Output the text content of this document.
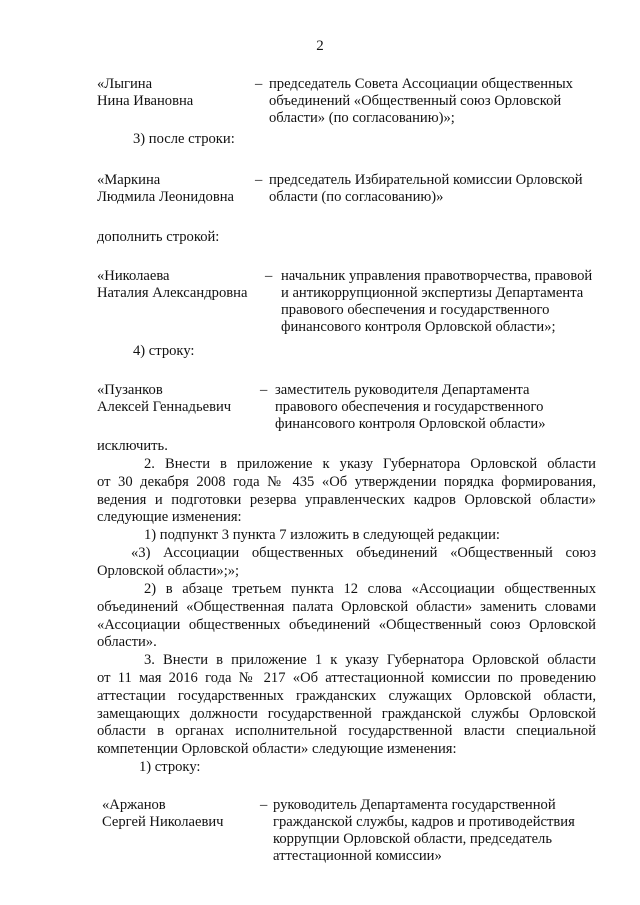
2
«Лыгина
Нина Ивановна
– председатель Совета Ассоциации общественных
объединений «Общественный союз Орловской
области» (по согласованию)»;
3) после строки:
«Маркина
Людмила Леонидовна
– председатель Избирательной комиссии Орловской
области (по согласованию)»
дополнить строкой:
«Николаева
Наталия Александровна
– начальник управления правотворчества, правовой
и антикоррупционной экспертизы Департамента
правового обеспечения и государственного
финансового контроля Орловской области»;
4) строку:
«Пузанков
Алексей Геннадьевич
– заместитель руководителя Департамента
правового обеспечения и государственного
финансового контроля Орловской области»
исключить.
2. Внести в приложение к указу Губернатора Орловской области
от 30 декабря 2008 года № 435 «Об утверждении порядка формирования,
ведения и подготовки резерва управленческих кадров Орловской области»
следующие изменения:
1) подпункт 3 пункта 7 изложить в следующей редакции:
«3) Ассоциации общественных объединений «Общественный союз
Орловской области»;»;
2) в абзаце третьем пункта 12 слова «Ассоциации общественных
объединений «Общественная палата Орловской области» заменить словами
«Ассоциации общественных объединений «Общественный союз Орловской
области».
3. Внести в приложение 1 к указу Губернатора Орловской области
от 11 мая 2016 года № 217 «Об аттестационной комиссии по проведению
аттестации государственных гражданских служащих Орловской области,
замещающих должности государственной гражданской службы Орловской
области в органах исполнительной государственной власти специальной
компетенции Орловской области» следующие изменения:
1) строку:
«Аржанов
Сергей Николаевич
– руководитель Департамента государственной
гражданской службы, кадров и противодействия
коррупции Орловской области, председатель
аттестационной комиссии»
